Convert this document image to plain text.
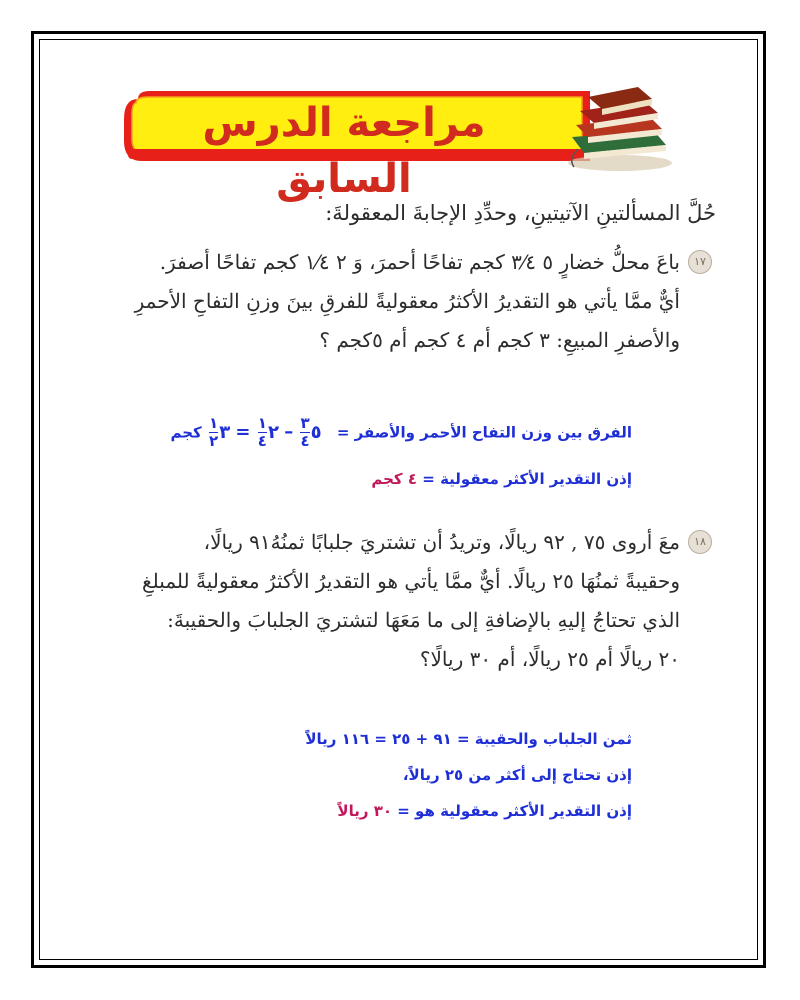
مراجعة الدرس السابق
حُلَّ المسألتينِ الآتيتينِ، وحدِّدِ الإجابةَ المعقولةَ:
١٧

باعَ محلُّ خضارٍ ٥ ٣⁄٤ كجم تفاحًا أحمرَ، وَ ٢ ١⁄٤ كجم تفاحًا أصفرَ.

أيٌّ ممَّا يأتي هو التقديرُ الأكثرُ معقوليةً للفرقِ بينَ وزنِ التفاحِ الأحمرِ

والأصفرِ المبيعِ: ٣ كجم أم ٤ كجم أم ٥كجم ؟

الفرق بين وزن التفاح الأحمر والأصفر = ٥
$\frac{٣}{٤}$
– ٢
$\frac{١}{٤}$
= ٣
$\frac{١}{٢}$
كجم
إذن التقدير الأكثر معقولية = ٤ كجم
١٨

معَ أروى ٧٥ , ٩٢ ريالًا، وتريدُ أن تشتريَ جلبابًا ثمنُهُ٩١ ريالًا،

وحقيبةً ثمنُهَا ٢٥ ريالًا. أيٌّ ممَّا يأتي هو التقديرُ الأكثرُ معقوليةً للمبلغِ

الذي تحتاجُ إليهِ بالإضافةِ إلى ما مَعَهَا لتشتريَ الجلبابَ والحقيبةَ:

٢٠ ريالًا أم ٢٥ ريالًا، أم ٣٠ ريالًا؟

ثمن الجلباب والحقيبة = ٩١ + ٢٥ = ١١٦ ريالاً
إذن تحتاج إلى أكثر من ٢٥ ريالاً،
إذن التقدير الأكثر معقولية هو = ٣٠ ريالاً
